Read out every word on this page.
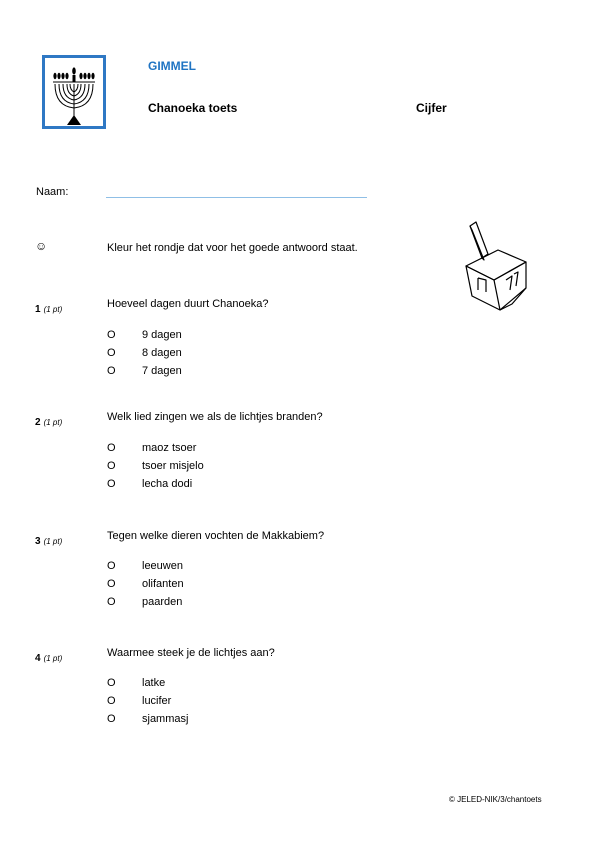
GIMMEL
Chanoeka toets	Cijfer
Naam:
☺	Kleur het rondje dat voor het goede antwoord staat.
1 (1 pt)	Hoeveel dagen duurt Chanoeka?
O 9 dagen
O 8 dagen
O 7 dagen
2 (1 pt)	Welk lied zingen we als de lichtjes branden?
O maoz tsoer
O tsoer misjelo
O lecha dodi
3 (1 pt)	Tegen welke dieren vochten de Makkabiem?
O leeuwen
O olifanten
O paarden
4 (1 pt)	Waarmee steek je de lichtjes aan?
O latke
O lucifer
O sjammasj
© JELED-NIK/3/chantoets
